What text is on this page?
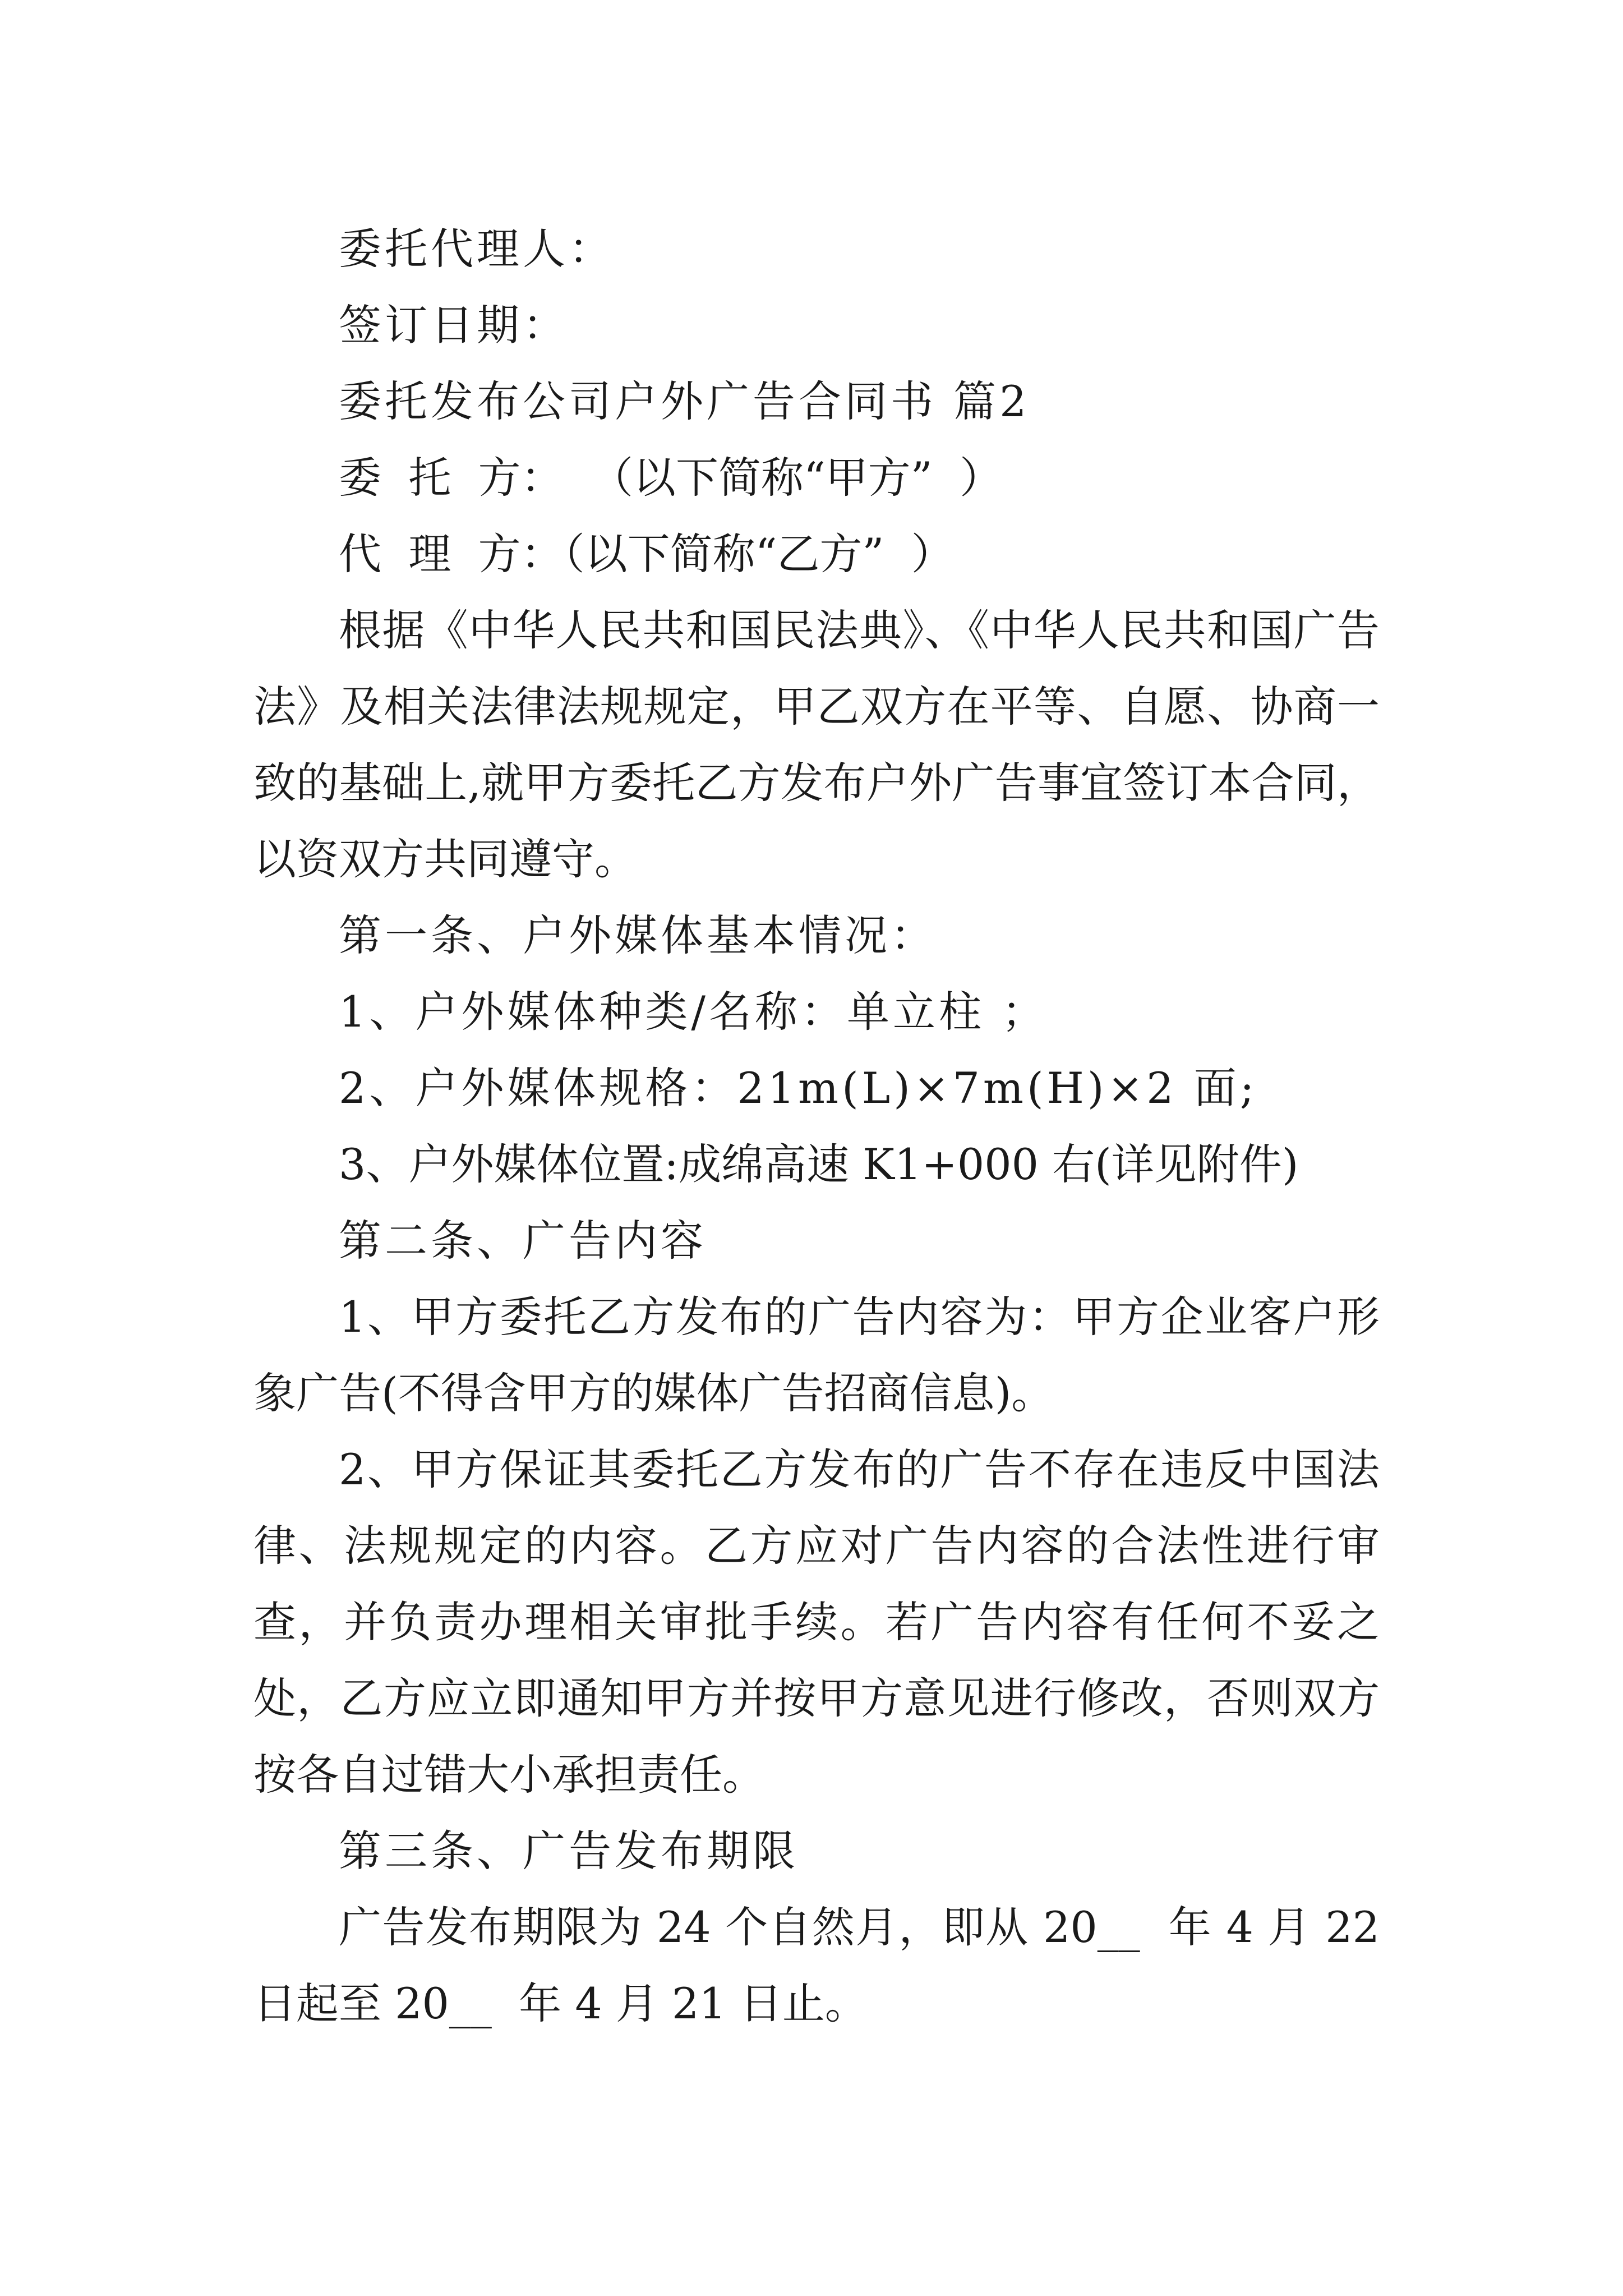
委托代理人：

签订日期：

委托发布公司户外广告合同书 篇2

委  托  方：  （以下简称“甲方”  ）

代  理  方：（以下简称“乙方”  ）

根据《中华人民共和国民法典》、《中华人民共和国广告法》及相关法律法规规定，甲乙双方在平等、自愿、协商一致的基础上,就甲方委托乙方发布户外广告事宜签订本合同，以资双方共同遵守。

第一条、户外媒体基本情况：

1、户外媒体种类/名称：单立柱 ；

2、户外媒体规格：21m(L)×7m(H)×2 面;

3、户外媒体位置:成绵高速 K1+000 右(详见附件)

第二条、广告内容

1、甲方委托乙方发布的广告内容为：甲方企业客户形象广告(不得含甲方的媒体广告招商信息)。

2、甲方保证其委托乙方发布的广告不存在违反中国法律、法规规定的内容。乙方应对广告内容的合法性进行审查，并负责办理相关审批手续。若广告内容有任何不妥之处，乙方应立即通知甲方并按甲方意见进行修改，否则双方按各自过错大小承担责任。

第三条、广告发布期限

广告发布期限为 24 个自然月，即从 20__  年 4 月 22 日起至 20__  年 4 月 21 日止。
